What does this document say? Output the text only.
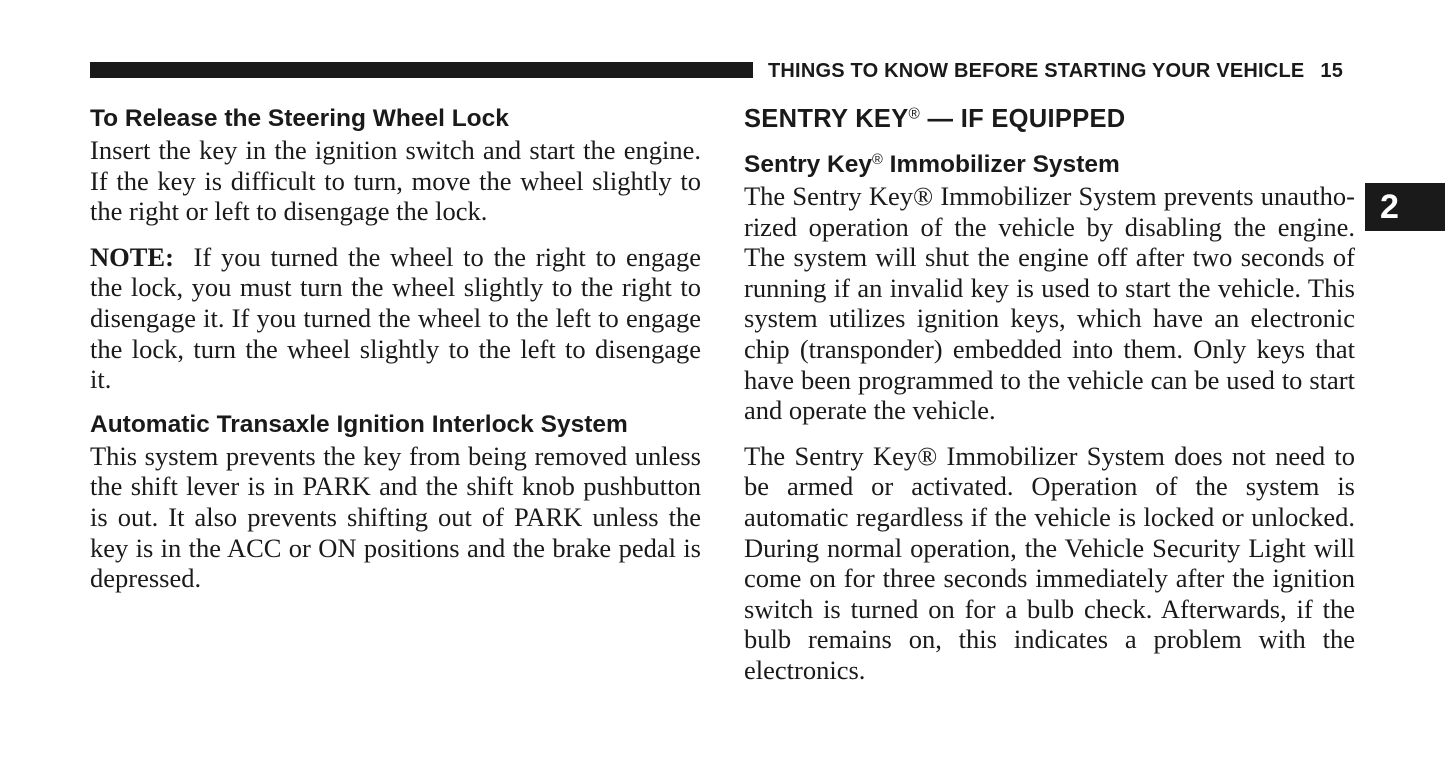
THINGS TO KNOW BEFORE STARTING YOUR VEHICLE 15
2
To Release the Steering Wheel Lock

Insert the key in the ignition switch and start the engine. If the key is difficult to turn, move the wheel slightly to the right or left to disengage the lock.

NOTE: If you turned the wheel to the right to engage the lock, you must turn the wheel slightly to the right to disengage it. If you turned the wheel to the left to engage the lock, turn the wheel slightly to the left to disengage it.

Automatic Transaxle Ignition Interlock System

This system prevents the key from being removed unless the shift lever is in PARK and the shift knob pushbutton is out. It also prevents shifting out of PARK unless the key is in the ACC or ON positions and the brake pedal is depressed.

SENTRY KEY® — IF EQUIPPED
Sentry Key® Immobilizer System

The Sentry Key® Immobilizer System prevents unauthorized operation of the vehicle by disabling the engine. The system will shut the engine off after two seconds of running if an invalid key is used to start the vehicle. This system utilizes ignition keys, which have an electronic chip (transponder) embedded into them. Only keys that have been programmed to the vehicle can be used to start and operate the vehicle.

The Sentry Key® Immobilizer System does not need to be armed or activated. Operation of the system is automatic regardless if the vehicle is locked or unlocked. During normal operation, the Vehicle Security Light will come on for three seconds immediately after the ignition switch is turned on for a bulb check. Afterwards, if the bulb remains on, this indicates a problem with the electronics.
